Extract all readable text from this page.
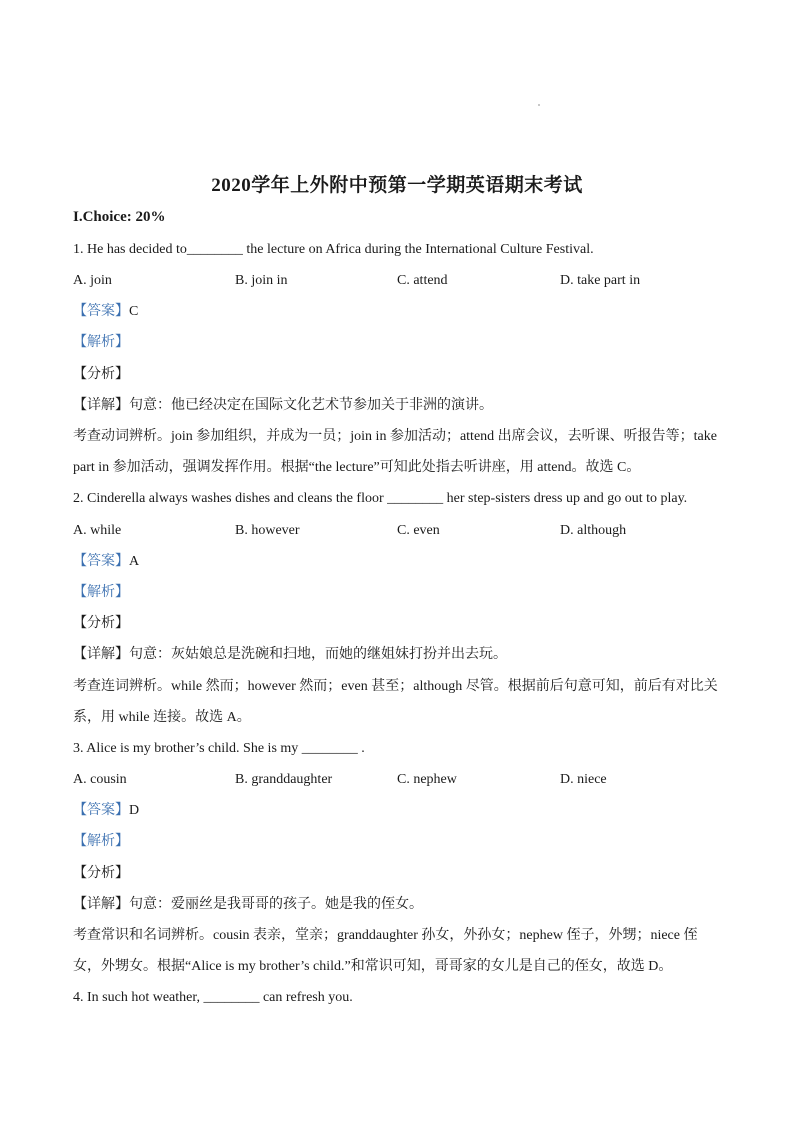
2020学年上外附中预第一学期英语期末考试
I.Choice: 20%
1. He has decided to________ the lecture on Africa during the International Culture Festival.
A. join	B. join in	C. attend	D. take part in
【答案】C
【解析】
【分析】
【详解】句意：他已经决定在国际文化艺术节参加关于非洲的演讲。
考查动词辨析。join 参加组织，并成为一员；join in 参加活动；attend 出席会议，去听课、听报告等；take
part in 参加活动，强调发挥作用。根据“the lecture”可知此处指去听讲座，用 attend。故选 C。
2. Cinderella always washes dishes and cleans the floor ________ her step-sisters dress up and go out to play.
A. while	B. however	C. even	D. although
【答案】A
【解析】
【分析】
【详解】句意：灰姑娘总是洗碗和扫地，而她的继姐妹打扮并出去玩。
考查连词辨析。while 然而；however 然而；even 甚至；although 尽管。根据前后句意可知，前后有对比关
系，用 while 连接。故选 A。
3. Alice is my brother’s child. She is my ________ .
A. cousin	B. granddaughter	C. nephew	D. niece
【答案】D
【解析】
【分析】
【详解】句意：爱丽丝是我哥哥的孩子。她是我的侄女。
考查常识和名词辨析。cousin 表亲，堂亲；granddaughter 孙女，外孙女；nephew 侄子，外甥；niece 侄
女，外甥女。根据“Alice is my brother’s child.”和常识可知，哥哥家的女儿是自己的侄女，故选 D。
4. In such hot weather, ________ can refresh you.
